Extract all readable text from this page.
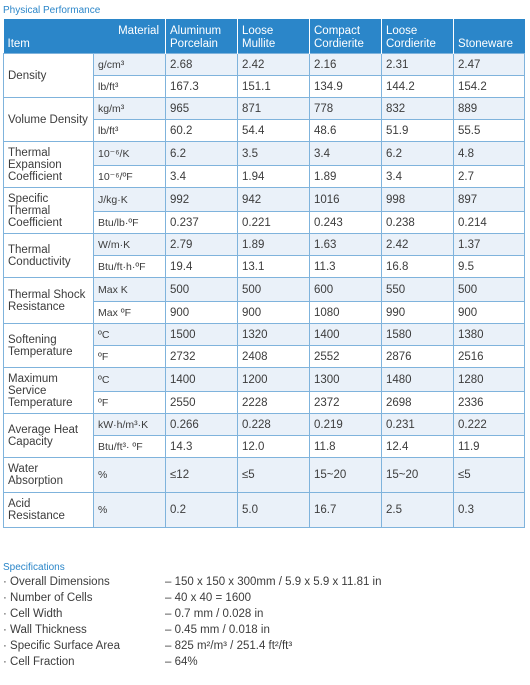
Physical Performance
Material
Item		Aluminum Porcelain	Loose Mullite	Compact Cordierite	Loose Cordierite	Stoneware
Density	g/cm³	2.68	2.42	2.16	2.31	2.47
	lb/ft³	167.3	151.1	134.9	144.2	154.2
Volume Density	kg/m³	965	871	778	832	889
	lb/ft³	60.2	54.4	48.6	51.9	55.5
Thermal Expansion Coefficient	10⁻⁶/K	6.2	3.5	3.4	6.2	4.8
	10⁻⁶/ºF	3.4	1.94	1.89	3.4	2.7
Specific Thermal Coefficient	J/kg·K	992	942	1016	998	897
	Btu/lb·ºF	0.237	0.221	0.243	0.238	0.214
Thermal Conductivity	W/m·K	2.79	1.89	1.63	2.42	1.37
	Btu/ft·h·ºF	19.4	13.1	11.3	16.8	9.5
Thermal Shock Resistance	Max K	500	500	600	550	500
	Max ºF	900	900	1080	990	900
Softening Temperature	ºC	1500	1320	1400	1580	1380
	ºF	2732	2408	2552	2876	2516
Maximum Service Temperature	ºC	1400	1200	1300	1480	1280
	ºF	2550	2228	2372	2698	2336
Average Heat Capacity	kW·h/m³·K	0.266	0.228	0.219	0.231	0.222
	Btu/ft³· ºF	14.3	12.0	11.8	12.4	11.9
Water Absorption	%	≤12	≤5	15~20	15~20	≤5
Acid Resistance	%	0.2	5.0	16.7	2.5	0.3
Specifications
· Overall Dimensions	– 150 x 150 x 300mm / 5.9 x 5.9 x 11.81 in
· Number of Cells	– 40 x 40 = 1600
· Cell Width	– 0.7 mm / 0.028 in
· Wall Thickness	– 0.45 mm / 0.018 in
· Specific Surface Area	– 825 m²/m³ / 251.4 ft²/ft³
· Cell Fraction	– 64%
